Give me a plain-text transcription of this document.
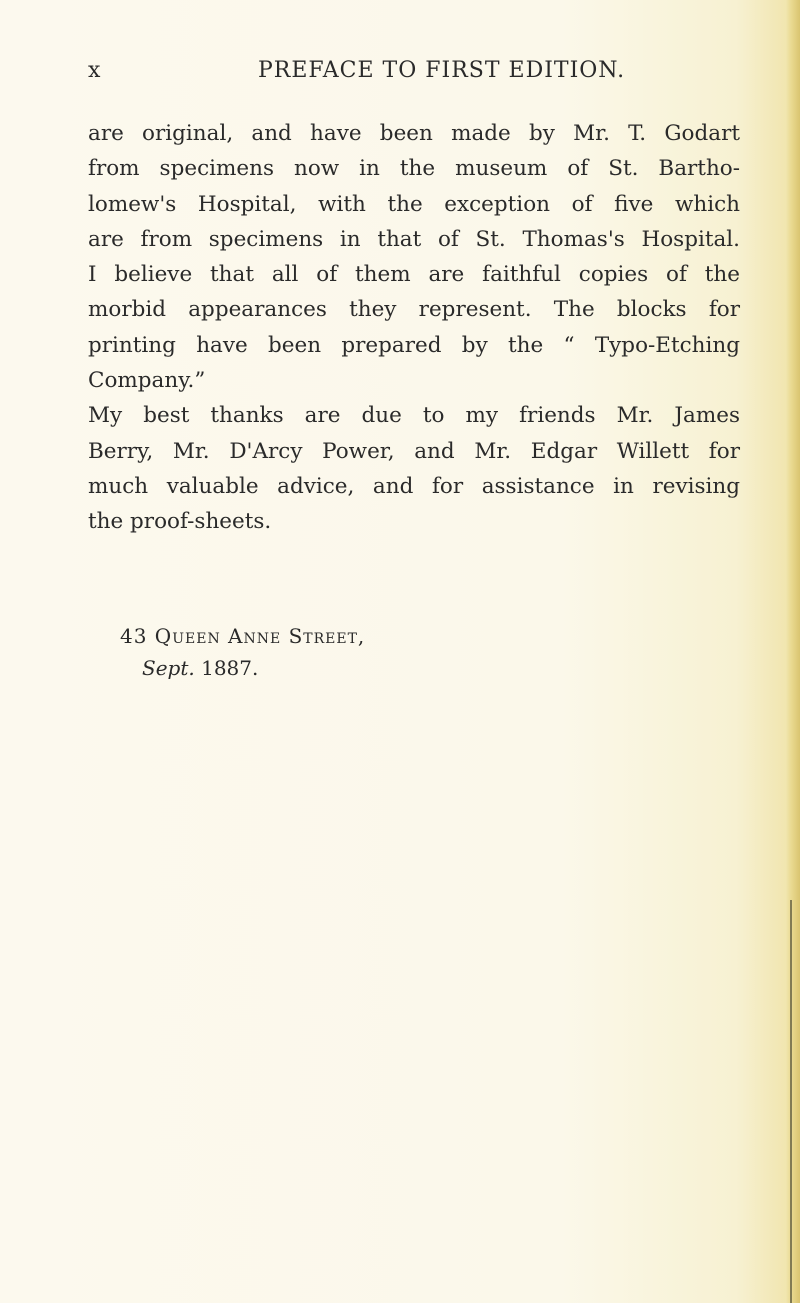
x	PREFACE TO FIRST EDITION.
are original, and have been made by Mr. T. Godart
from specimens now in the museum of St. Bartho-
lomew's Hospital, with the exception of five which
are from specimens in that of St. Thomas's Hospital.
I believe that all of them are faithful copies of the
morbid appearances they represent. The blocks for
printing have been prepared by the “ Typo-Etching
Company.”
My best thanks are due to my friends Mr. James
Berry, Mr. D'Arcy Power, and Mr. Edgar Willett for
much valuable advice, and for assistance in revising
the proof-sheets.
43 Queen Anne Street,
Sept. 1887.
